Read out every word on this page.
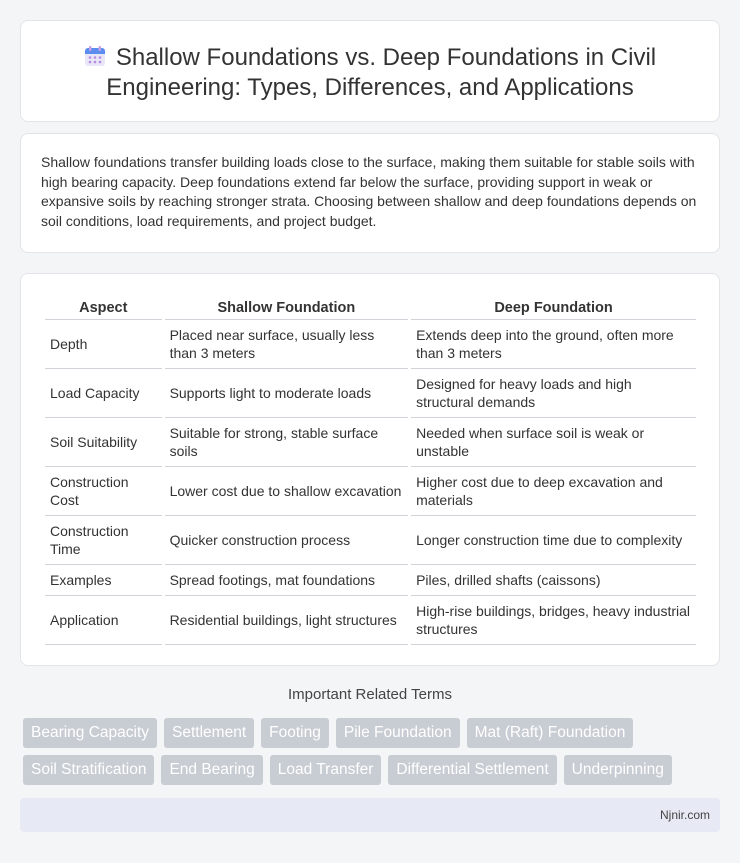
Shallow Foundations vs. Deep Foundations in Civil Engineering: Types, Differences, and Applications

Shallow foundations transfer building loads close to the surface, making them suitable for stable soils with high bearing capacity. Deep foundations extend far below the surface, providing support in weak or expansive soils by reaching stronger strata. Choosing between shallow and deep foundations depends on soil conditions, load requirements, and project budget.

Aspect	Shallow Foundation	Deep Foundation
Depth	Placed near surface, usually less than 3 meters	Extends deep into the ground, often more than 3 meters
Load Capacity	Supports light to moderate loads	Designed for heavy loads and high structural demands
Soil Suitability	Suitable for strong, stable surface soils	Needed when surface soil is weak or unstable
Construction Cost	Lower cost due to shallow excavation	Higher cost due to deep excavation and materials
Construction Time	Quicker construction process	Longer construction time due to complexity
Examples	Spread footings, mat foundations	Piles, drilled shafts (caissons)
Application	Residential buildings, light structures	High-rise buildings, bridges, heavy industrial structures
Important Related Terms
Bearing Capacity	Settlement	Footing	Pile Foundation	Mat (Raft) Foundation
Soil Stratification	End Bearing	Load Transfer	Differential Settlement	Underpinning
Njnir.com
